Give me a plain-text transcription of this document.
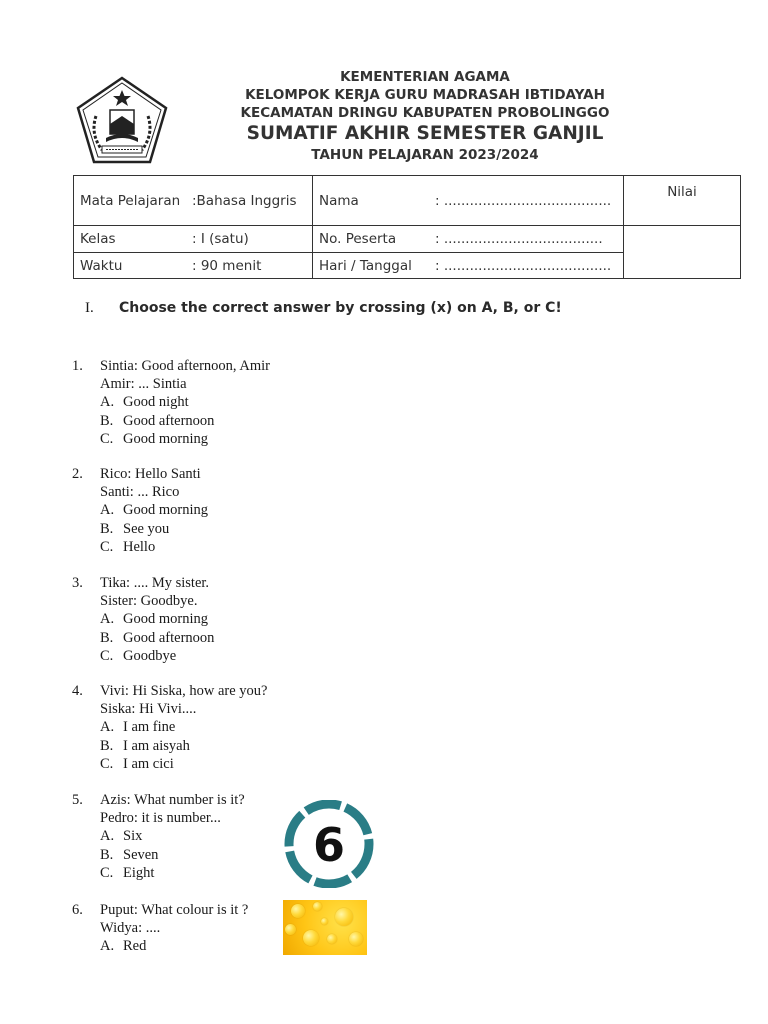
KEMENTERIAN AGAMA
KELOMPOK KERJA GURU MADRASAH IBTIDAYAH
KECAMATAN DRINGU KABUPATEN PROBOLINGGO
SUMATIF AKHIR SEMESTER GANJIL
TAHUN PELAJARAN 2023/2024
Mata Pelajaran :Bahasa Inggris	Nama : .......................................	Nilai

Kelas : I (satu)	No. Peserta : .....................................	

Waktu : 90 menit	Hari / Tanggal : .......................................	
I.	Choose the correct answer by crossing (x) on A, B, or C!
1.	Sintia: Good afternoon, Amir
Amir: ... Sintia
A. Good night
B. Good afternoon
C. Good morning
2.	Rico: Hello Santi
Santi: ... Rico
A. Good morning
B. See you
C. Hello
3.	Tika: .... My sister.
Sister: Goodbye.
A. Good morning
B. Good afternoon
C. Goodbye
4.	Vivi: Hi Siska, how are you?
Siska: Hi Vivi....
A. I am fine
B. I am aisyah
C. I am cici
5.	Azis: What number is it?
Pedro: it is number...
A. Six
B. Seven
C. Eight
6
6.	Puput: What colour is it ?
Widya: ....
A. Red
